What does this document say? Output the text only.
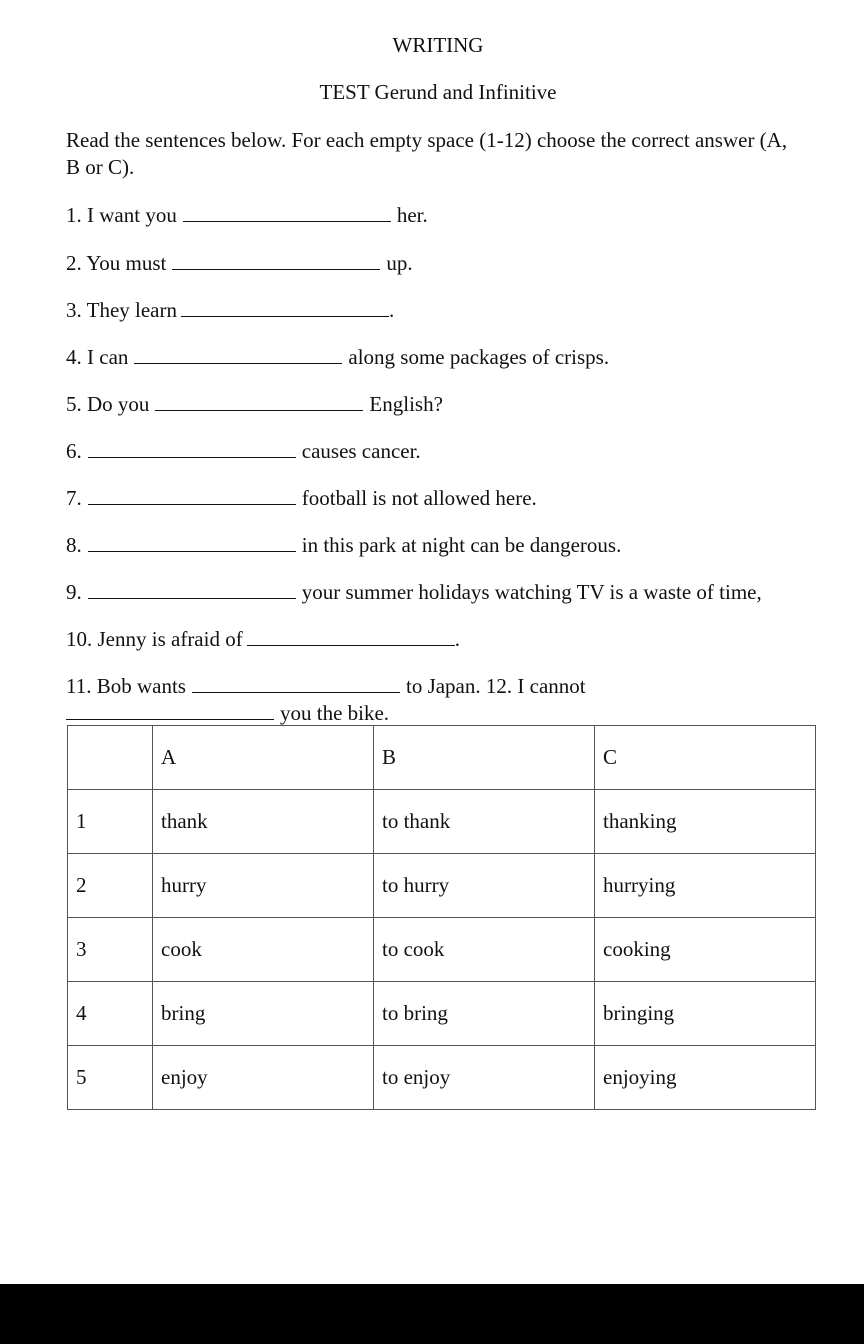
WRITING
TEST Gerund and Infinitive
Read the sentences below. For each empty space (1-12) choose the correct answer (A, B or C).
1. I want you	her.
2. You must	up.
3. They learn	.
4. I can	along some packages of crisps.
5. Do you	English?
6.	causes cancer.
7.	football is not allowed here.
8.	in this park at night can be dangerous.
9.	your summer holidays watching TV is a waste of time,
10. Jenny is afraid of	.
11. Bob wants	to Japan. 12. I cannot
you the bike.
	A	B	C
1	thank	to thank	thanking
2	hurry	to hurry	hurrying
3	cook	to cook	cooking
4	bring	to bring	bringing
5	enjoy	to enjoy	enjoying
